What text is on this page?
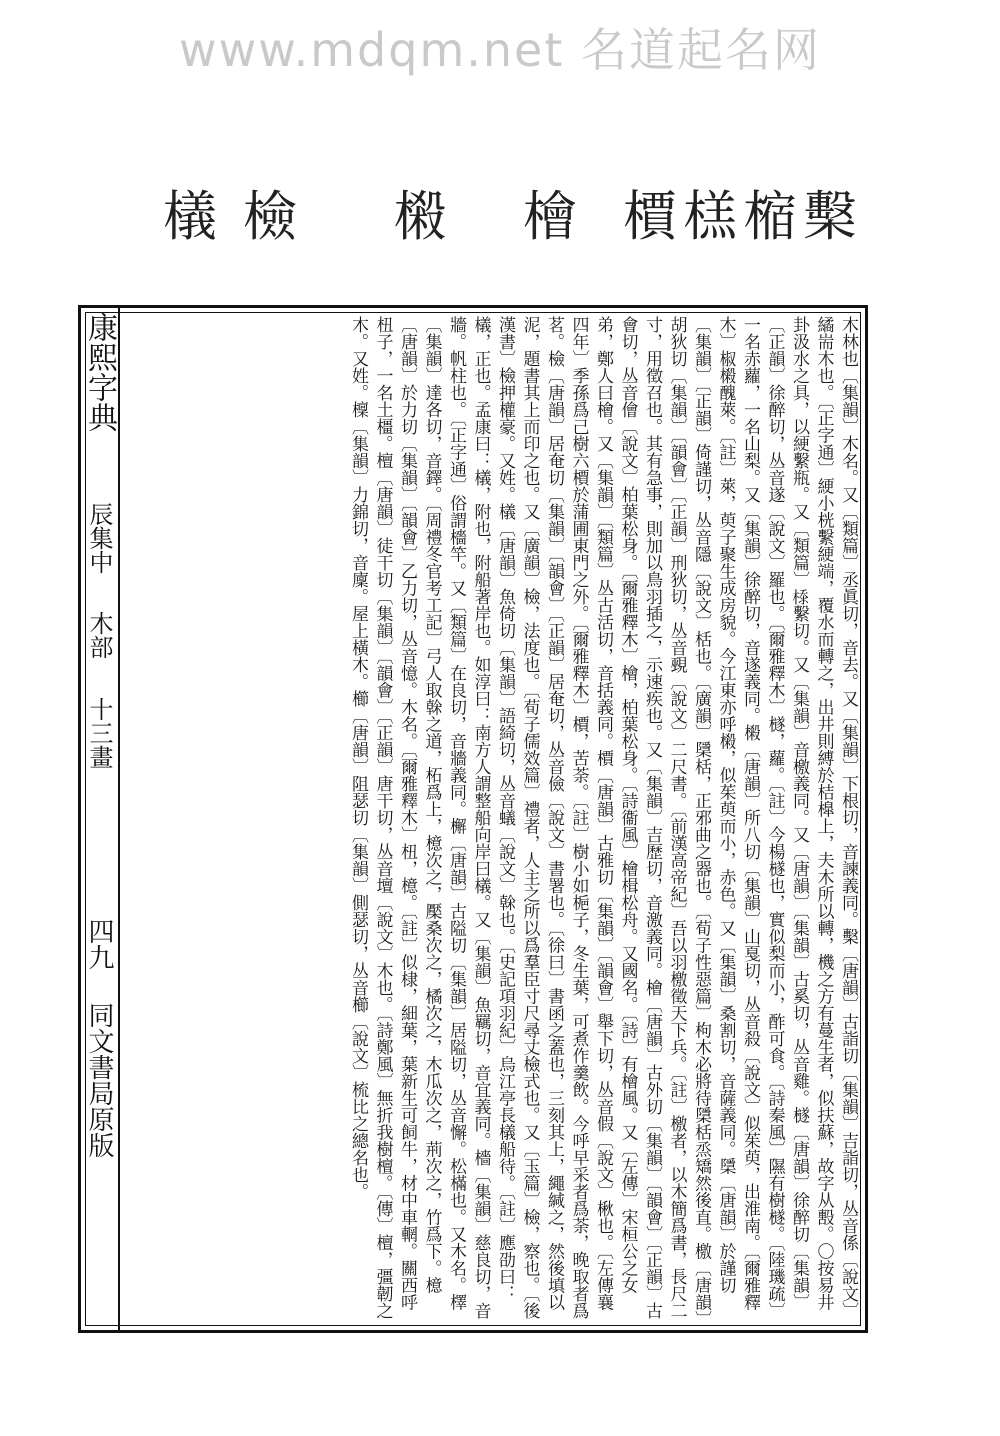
www.mdqm.net 名道起名网
檕
樎
榚
檟
檜
樧
檢
檥
康熙字典 辰集中 木部 十三畫 四九 同文書局原版	木林也〔集韻〕木名。又〔類篇〕丞眞切，音去。又〔集韻〕下根切，音諫義同。檕〔唐韻〕古詣切〔集韻〕吉詣切，丛音係〔說文〕繘耑木也。〔正字通〕綆小桄繫綆端，覆水而轉之，出井則縛於桔橰上，夫木所以轉，機之方有蔓生者，似扶蘇，故字从毄。〇按易井卦汲水之具，以綆繫瓶。又〔類篇〕𣕊繫切。又〔集韻〕音檄義同。又〔唐韻〕〔集韻〕古奚切，丛音雞。檖〔唐韻〕徐醉切〔集韻〕〔正韻〕徐醉切，丛音遂〔說文〕羅也。〔爾雅釋木〕檖，蘿。〔註〕今楊檖也，實似梨而小，酢可食。〔詩秦風〕隰有樹檖。〔陸璣疏〕一名赤蘿，一名山梨。又〔集韻〕徐醉切，音遂義同。樧〔唐韻〕所八切〔集韻〕山戛切，丛音殺〔說文〕似茱萸，出淮南。〔爾雅釋木〕椒樧醜萊。〔註〕萊，萸子聚生成房貌。今江東亦呼樧，似茱萸而小，赤色。又〔集韻〕桑割切，音薩義同。檃〔唐韻〕於謹切〔集韻〕〔正韻〕倚謹切，丛音隱〔說文〕栝也。〔廣韻〕檃栝，正邪曲之器也。〔荀子性惡篇〕枸木必將待檃栝烝矯然後直。檄〔唐韻〕胡狄切〔集韻〕〔韻會〕〔正韻〕刑狄切，丛音覡〔說文〕二尺書。〔前漢高帝紀〕吾以羽檄徵天下兵。〔註〕檄者，以木簡爲書，長尺二寸，用徵召也。其有急事，則加以鳥羽插之，示速疾也。又〔集韻〕吉歷切，音激義同。檜〔唐韻〕古外切〔集韻〕〔韻會〕〔正韻〕古會切，丛音儈〔說文〕柏葉松身。〔爾雅釋木〕檜，柏葉松身。〔詩衞風〕檜楫松舟。又國名。〔詩〕有檜風。又〔左傳〕宋桓公之女弟，鄭人曰檜。又〔集韻〕〔類篇〕丛古活切，音括義同。檟〔唐韻〕古雅切〔集韻〕〔韻會〕舉下切，丛音假〔說文〕楸也。〔左傳襄四年〕季孫爲己樹六檟於蒲圃東門之外。〔爾雅釋木〕檟，苦荼。〔註〕樹小如梔子，冬生葉，可煮作羹飲。今呼早采者爲荼，晚取者爲茗。檢〔唐韻〕居奄切〔集韻〕〔韻會〕〔正韻〕居奄切，丛音儉〔說文〕書署也。〔徐曰〕書函之蓋也，三刻其上，繩緘之，然後填以泥，題書其上而印之也。又〔廣韻〕檢，法度也。〔荀子儒效篇〕禮者，人主之所以爲羣臣寸尺尋丈檢式也。又〔玉篇〕檢，察也。〔後漢書〕檢押權豪。又姓。檥〔唐韻〕魚倚切〔集韻〕語綺切，丛音蟻〔說文〕榦也。〔史記項羽紀〕烏江亭長檥船待。〔註〕應劭曰：檥，正也。孟康曰：檥，附也，附船著岸也。如淳曰：南方人謂整船向岸曰檥。又〔集韻〕魚羈切，音宜義同。檣〔集韻〕慈良切，音牆。帆柱也。〔正字通〕俗謂檣竿。又〔類篇〕在良切，音牆義同。檞〔唐韻〕古隘切〔集韻〕居隘切，丛音懈。松樠也。又木名。檡〔集韻〕達各切，音鐸。〔周禮冬官考工記〕弓人取榦之道，柘爲上，檍次之，檿桑次之，橘次之，木瓜次之，荊次之，竹爲下。檍〔唐韻〕於力切〔集韻〕〔韻會〕乙力切，丛音憶。木名。〔爾雅釋木〕杻，檍。〔註〕似棣，細葉，葉新生可飼牛，材中車輞。關西呼杻子，一名土橿。檀〔唐韻〕徒干切〔集韻〕〔韻會〕〔正韻〕唐干切，丛音壇〔說文〕木也。〔詩鄭風〕無折我樹檀。〔傳〕檀，彊韌之木。又姓。檁〔集韻〕力錦切，音廩。屋上橫木。櫛〔唐韻〕阻瑟切〔集韻〕側瑟切，丛音櫛〔說文〕梳比之總名也。
